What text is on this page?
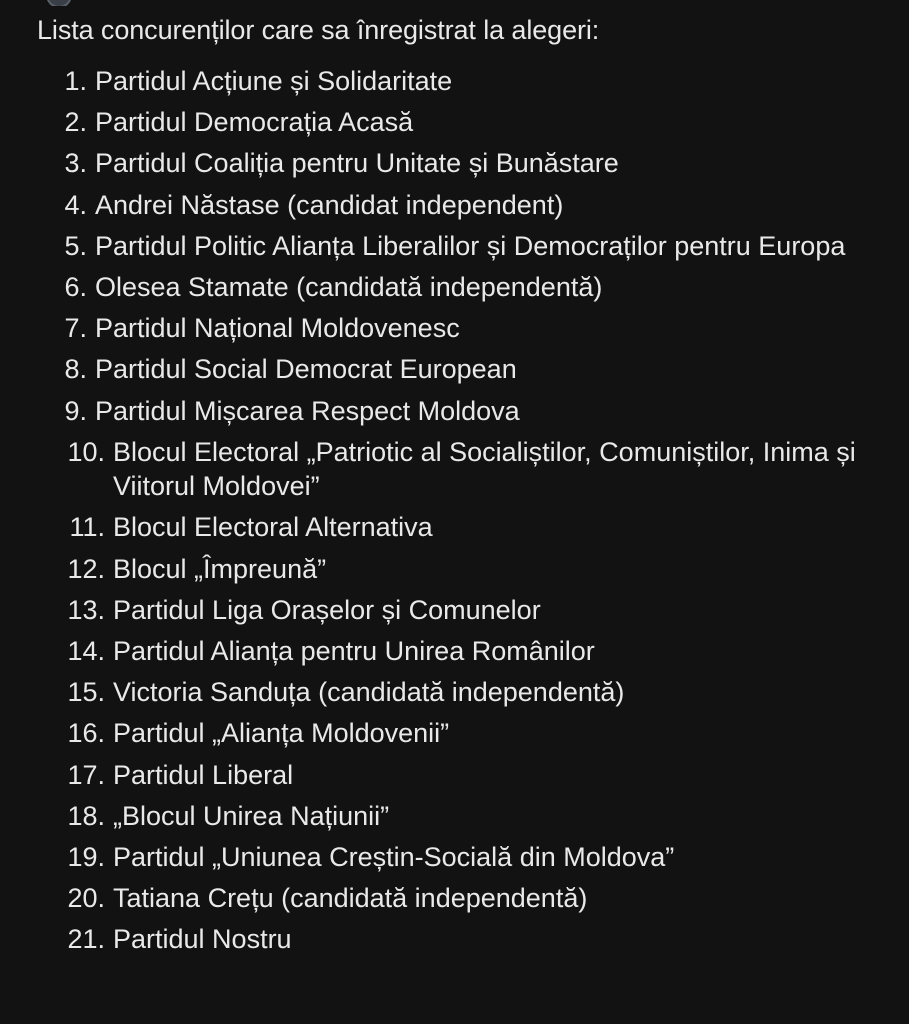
Lista concurenților care sa înregistrat la alegeri:
1. Partidul Acțiune și Solidaritate
2. Partidul Democrația Acasă
3. Partidul Coaliția pentru Unitate și Bunăstare
4. Andrei Năstase (candidat independent)
5. Partidul Politic Alianța Liberalilor și Democraților pentru Europa
6. Olesea Stamate (candidată independentă)
7. Partidul Național Moldovenesc
8. Partidul Social Democrat European
9. Partidul Mișcarea Respect Moldova
10. Blocul Electoral „Patriotic al Socialiștilor, Comuniștilor, Inima și Viitorul Moldovei”
11. Blocul Electoral Alternativa
12. Blocul „Împreună”
13. Partidul Liga Orașelor și Comunelor
14. Partidul Alianța pentru Unirea Românilor
15. Victoria Sanduța (candidată independentă)
16. Partidul „Alianța Moldovenii”
17. Partidul Liberal
18. „Blocul Unirea Națiunii”
19. Partidul „Uniunea Creștin-Socială din Moldova”
20. Tatiana Crețu (candidată independentă)
21. Partidul Nostru
